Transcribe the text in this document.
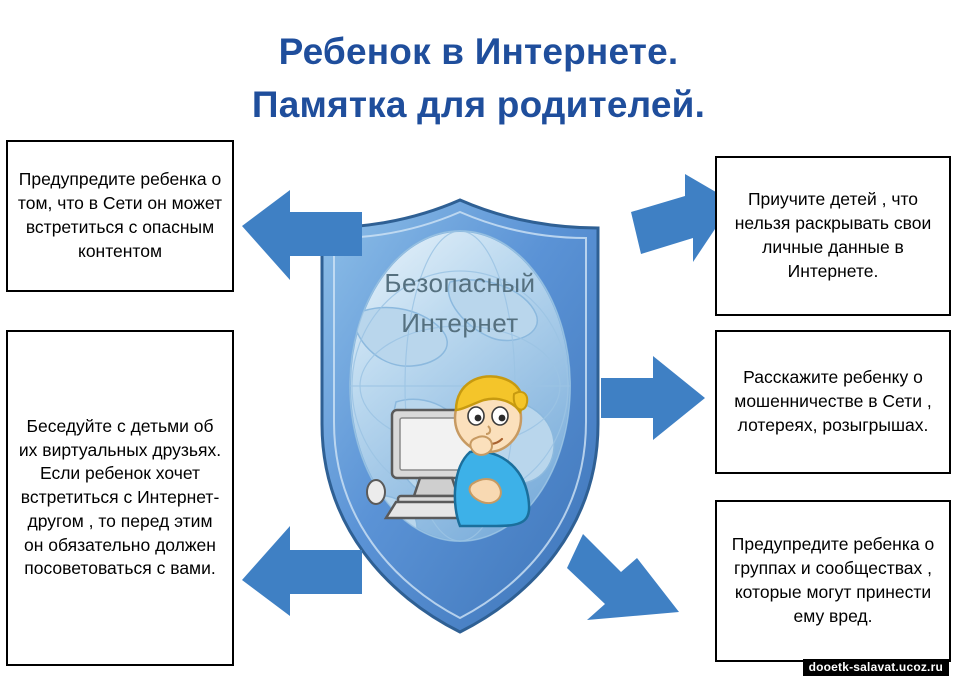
Ребенок в Интернете.
Памятка для родителей.
Безопасный
Интернет
Предупредите ребенка о том, что в Сети он может встретиться с опасным контентом
Беседуйте с детьми об их виртуальных друзьях. Если ребенок хочет встретиться с Интернет-другом , то перед этим он обязательно должен посоветоваться с вами.
Приучите детей , что нельзя раскрывать свои личные данные в Интернете.
Расскажите ребенку о мошенничестве в Сети , лотереях, розыгрышах.
Предупредите ребенка о группах и сообществах , которые могут принести ему вред.
dooetk-salavat.ucoz.ru
